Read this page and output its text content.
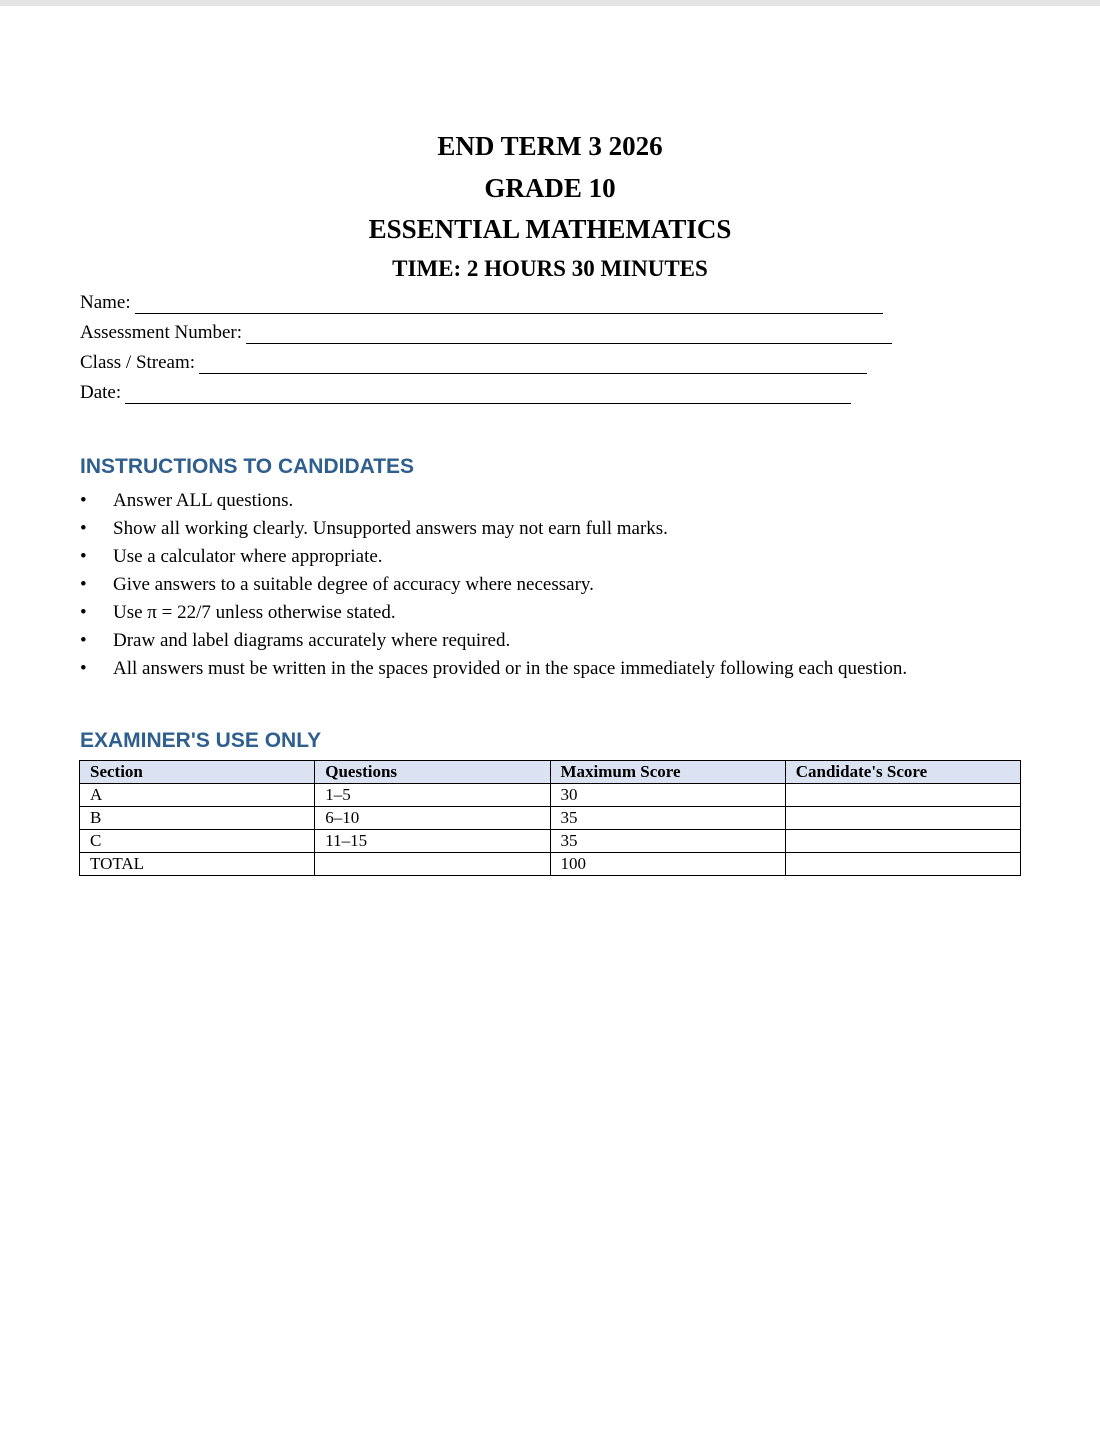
END TERM 3 2026
GRADE 10
ESSENTIAL MATHEMATICS
TIME: 2 HOURS 30 MINUTES
Name:
Assessment Number:
Class / Stream:
Date:
INSTRUCTIONS TO CANDIDATES
• Answer ALL questions.
• Show all working clearly. Unsupported answers may not earn full marks.
• Use a calculator where appropriate.
• Give answers to a suitable degree of accuracy where necessary.
• Use π = 22/7 unless otherwise stated.
• Draw and label diagrams accurately where required.
• All answers must be written in the spaces provided or in the space immediately following each question.
EXAMINER'S USE ONLY
Section	Questions	Maximum Score	Candidate's Score
A	1–5	30	
B	6–10	35	
C	11–15	35	
TOTAL		100	
